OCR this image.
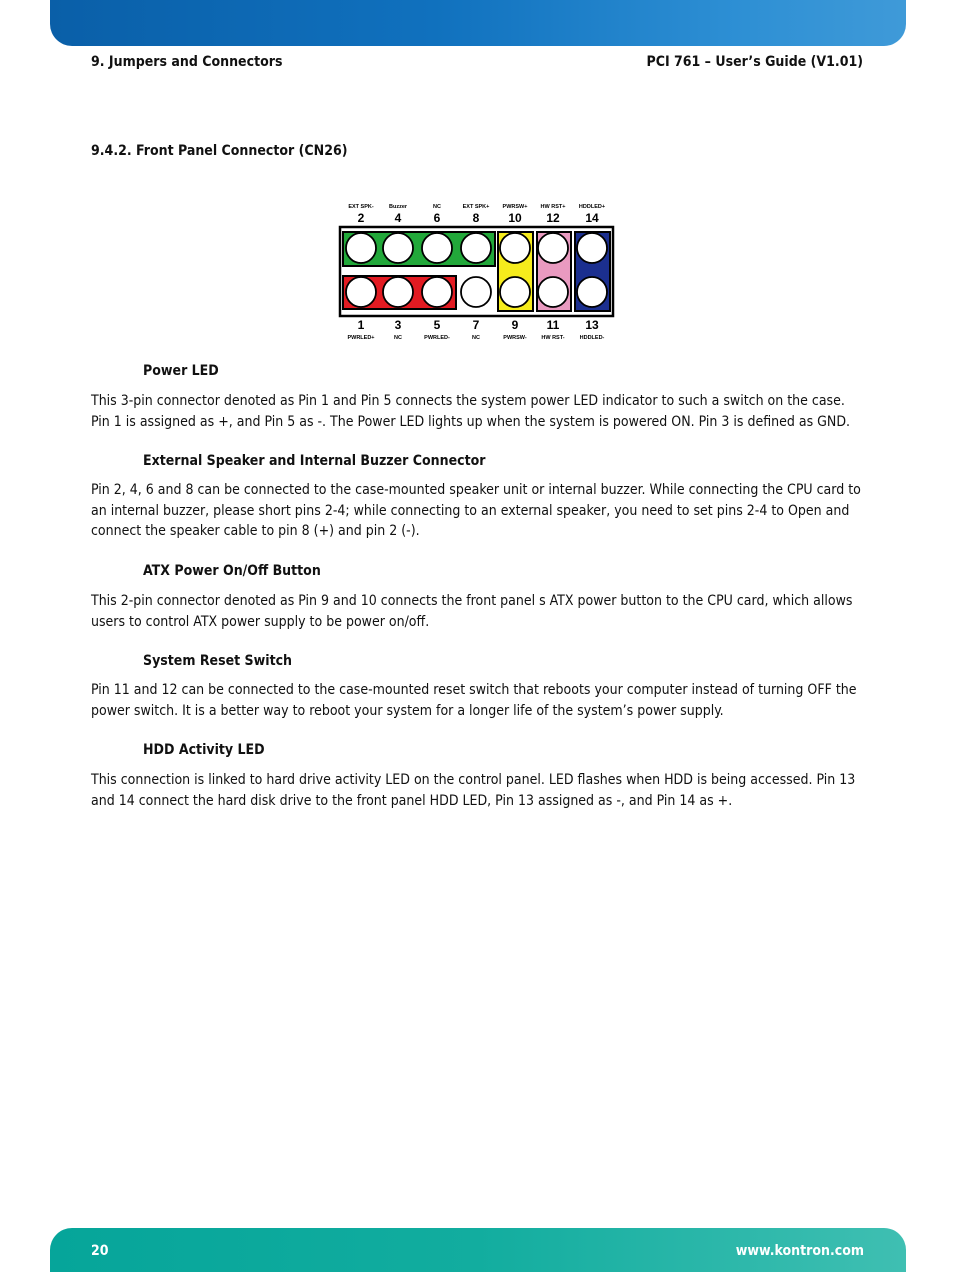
9. Jumpers and Connectors	PCI 761 – User’s Guide (V1.01)
9.4.2. Front Panel Connector (CN26)
EXT SPK-	Buzzer	NC	EXT SPK+ PWRSW+ HW RST+ HDDLED+
2	4	6	8 10 12 14
1	3	5	7	9 11 13
PWRLED+	NC	PWRLED-	NC	PWRSW-	HW RST-	HDDLED-
Power LED

This 3-pin connector denoted as Pin 1 and Pin 5 connects the system power LED indicator to such a switch on the case. Pin 1 is assigned as +, and Pin 5 as -. The Power LED lights up when the system is powered ON. Pin 3 is defined as GND.

External Speaker and Internal Buzzer Connector

Pin 2, 4, 6 and 8 can be connected to the case-mounted speaker unit or internal buzzer. While connecting the CPU card to an internal buzzer, please short pins 2-4; while connecting to an external speaker, you need to set pins 2-4 to Open and connect the speaker cable to pin 8 (+) and pin 2 (-).

ATX Power On/Off Button

This 2-pin connector denoted as Pin 9 and 10 connects the front panel s ATX power button to the CPU card, which allows users to control ATX power supply to be power on/off.

System Reset Switch

Pin 11 and 12 can be connected to the case-mounted reset switch that reboots your computer instead of turning OFF the power switch. It is a better way to reboot your system for a longer life of the system’s power supply.

HDD Activity LED

This connection is linked to hard drive activity LED on the control panel. LED flashes when HDD is being accessed. Pin 13 and 14 connect the hard disk drive to the front panel HDD LED, Pin 13 assigned as -, and Pin 14 as +.

20	www.kontron.com
